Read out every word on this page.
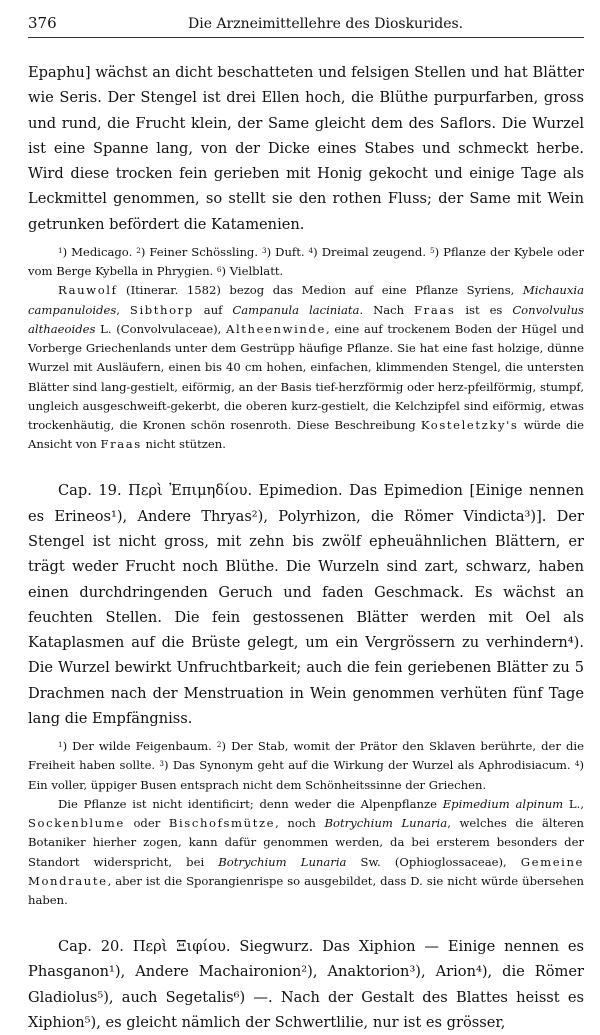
376	Die Arzneimittellehre des Dioskurides.

Epaphu] wächst an dicht beschatteten und felsigen Stellen und hat Blätter wie Seris. Der Stengel ist drei Ellen hoch, die Blüthe purpurfarben, gross und rund, die Frucht klein, der Same gleicht dem des Saflors. Die Wurzel ist eine Spanne lang, von der Dicke eines Stabes und schmeckt herbe. Wird diese trocken fein gerieben mit Honig gekocht und einige Tage als Leckmittel genommen, so stellt sie den rothen Fluss; der Same mit Wein getrunken befördert die Katamenien.

$^1$) Medicago. $^2$) Feiner Schössling. $^3$) Duft. $^4$) Dreimal zeugend. $^5$) Pflanze der Kybele oder vom Berge Kybella in Phrygien. $^6$) Vielblatt.

Rauwolf (Itinerar. 1582) bezog das Medion auf eine Pflanze Syriens, Michauxia campanuloides, Sibthorp auf Campanula laciniata. Nach Fraas ist es Convolvulus althaeoides L. (Convolvulaceae), Altheenwinde, eine auf trockenem Boden der Hügel und Vorberge Griechenlands unter dem Gestrüpp häufige Pflanze. Sie hat eine fast holzige, dünne Wurzel mit Ausläufern, einen bis 40 cm hohen, einfachen, klimmenden Stengel, die untersten Blätter sind lang-gestielt, eiförmig, an der Basis tief-herzförmig oder herz-pfeilförmig, stumpf, ungleich ausgeschweift-gekerbt, die oberen kurz-gestielt, die Kelchzipfel sind eiförmig, etwas trockenhäutig, die Kronen schön rosenroth. Diese Beschreibung Kosteletzky's würde die Ansicht von Fraas nicht stützen.

Cap. 19. Περὶ Ἐπιμηδίου. Epimedion. Das Epimedion [Einige nennen es Erineos¹), Andere Thryas²), Polyrhizon, die Römer Vindicta³)]. Der Stengel ist nicht gross, mit zehn bis zwölf epheuähnlichen Blättern, er trägt weder Frucht noch Blüthe. Die Wurzeln sind zart, schwarz, haben einen durchdringenden Geruch und faden Geschmack. Es wächst an feuchten Stellen. Die fein gestossenen Blätter werden mit Oel als Kataplasmen auf die Brüste gelegt, um ein Vergrössern zu verhindern⁴). Die Wurzel bewirkt Unfruchtbarkeit; auch die fein geriebenen Blätter zu 5 Drachmen nach der Menstruation in Wein genommen verhüten fünf Tage lang die Empfängniss.

$^1$) Der wilde Feigenbaum. $^2$) Der Stab, womit der Prätor den Sklaven berührte, der die Freiheit haben sollte. $^3$) Das Synonym geht auf die Wirkung der Wurzel als Aphrodisiacum. $^4$) Ein voller, üppiger Busen entsprach nicht dem Schönheitssinne der Griechen.

Die Pflanze ist nicht identificirt; denn weder die Alpenpflanze Epimedium alpinum L., Sockenblume oder Bischofsmütze, noch Botrychium Lunaria, welches die älteren Botaniker hierher zogen, kann dafür genommen werden, da bei ersterem besonders der Standort widerspricht, bei Botrychium Lunaria Sw. (Ophioglossaceae), Gemeine Mondraute, aber ist die Sporangienrispe so ausgebildet, dass D. sie nicht würde übersehen haben.

Cap. 20. Περὶ Ξιφίου. Siegwurz. Das Xiphion — Einige nennen es Phasganon¹), Andere Machaironion²), Anaktorion³), Arion⁴), die Römer Gladiolus⁵), auch Segetalis⁶) —. Nach der Gestalt des Blattes heisst es Xiphion⁵), es gleicht nämlich der Schwertlilie, nur ist es grösser,
